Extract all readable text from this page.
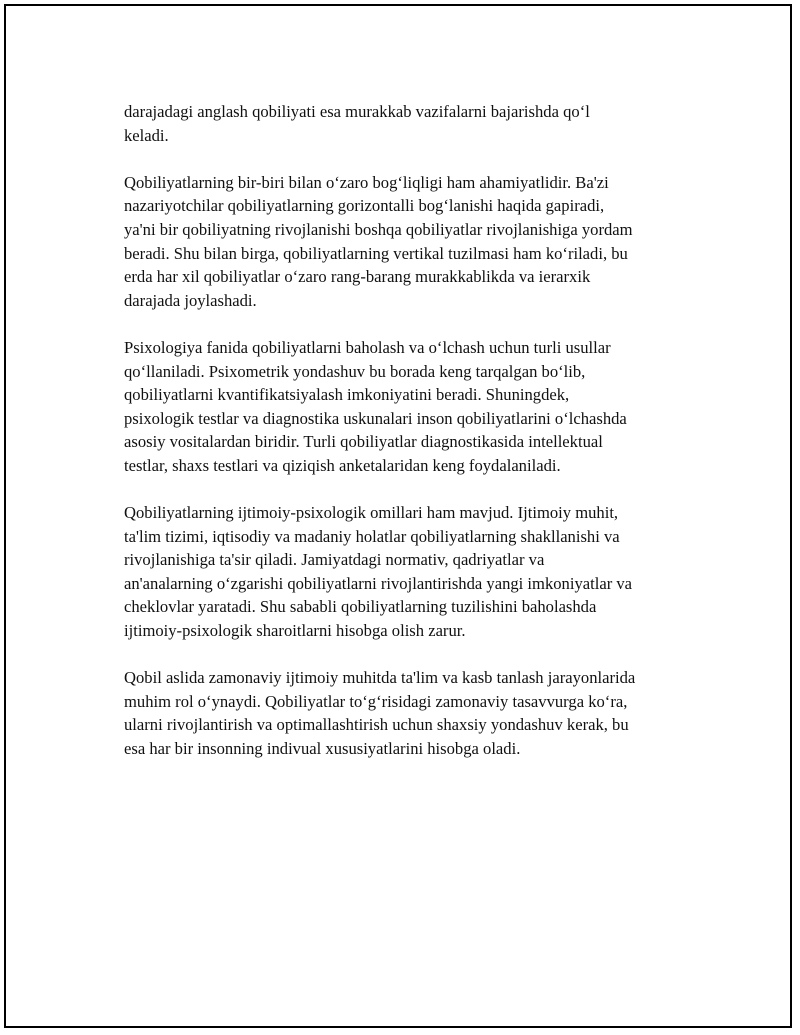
darajadagi anglash qobiliyati esa murakkab vazifalarni bajarishda qo‘l
keladi.

Qobiliyatlarning bir-biri bilan o‘zaro bog‘liqligi ham ahamiyatlidir. Ba'zi
nazariyotchilar qobiliyatlarning gorizontalli bog‘lanishi haqida gapiradi,
ya'ni bir qobiliyatning rivojlanishi boshqa qobiliyatlar rivojlanishiga yordam
beradi. Shu bilan birga, qobiliyatlarning vertikal tuzilmasi ham ko‘riladi, bu
erda har xil qobiliyatlar o‘zaro rang-barang murakkablikda va ierarxik
darajada joylashadi.

Psixologiya fanida qobiliyatlarni baholash va o‘lchash uchun turli usullar
qo‘llaniladi. Psixometrik yondashuv bu borada keng tarqalgan bo‘lib,
qobiliyatlarni kvantifikatsiyalash imkoniyatini beradi. Shuningdek,
psixologik testlar va diagnostika uskunalari inson qobiliyatlarini o‘lchashda
asosiy vositalardan biridir. Turli qobiliyatlar diagnostikasida intellektual
testlar, shaxs testlari va qiziqish anketalaridan keng foydalaniladi.

Qobiliyatlarning ijtimoiy-psixologik omillari ham mavjud. Ijtimoiy muhit,
ta'lim tizimi, iqtisodiy va madaniy holatlar qobiliyatlarning shakllanishi va
rivojlanishiga ta'sir qiladi. Jamiyatdagi normativ, qadriyatlar va
an'analarning o‘zgarishi qobiliyatlarni rivojlantirishda yangi imkoniyatlar va
cheklovlar yaratadi. Shu sababli qobiliyatlarning tuzilishini baholashda
ijtimoiy-psixologik sharoitlarni hisobga olish zarur.

Qobil aslida zamonaviy ijtimoiy muhitda ta'lim va kasb tanlash jarayonlarida
muhim rol o‘ynaydi. Qobiliyatlar to‘g‘risidagi zamonaviy tasavvurga ko‘ra,
ularni rivojlantirish va optimallashtirish uchun shaxsiy yondashuv kerak, bu
esa har bir insonning indivual xususiyatlarini hisobga oladi.
